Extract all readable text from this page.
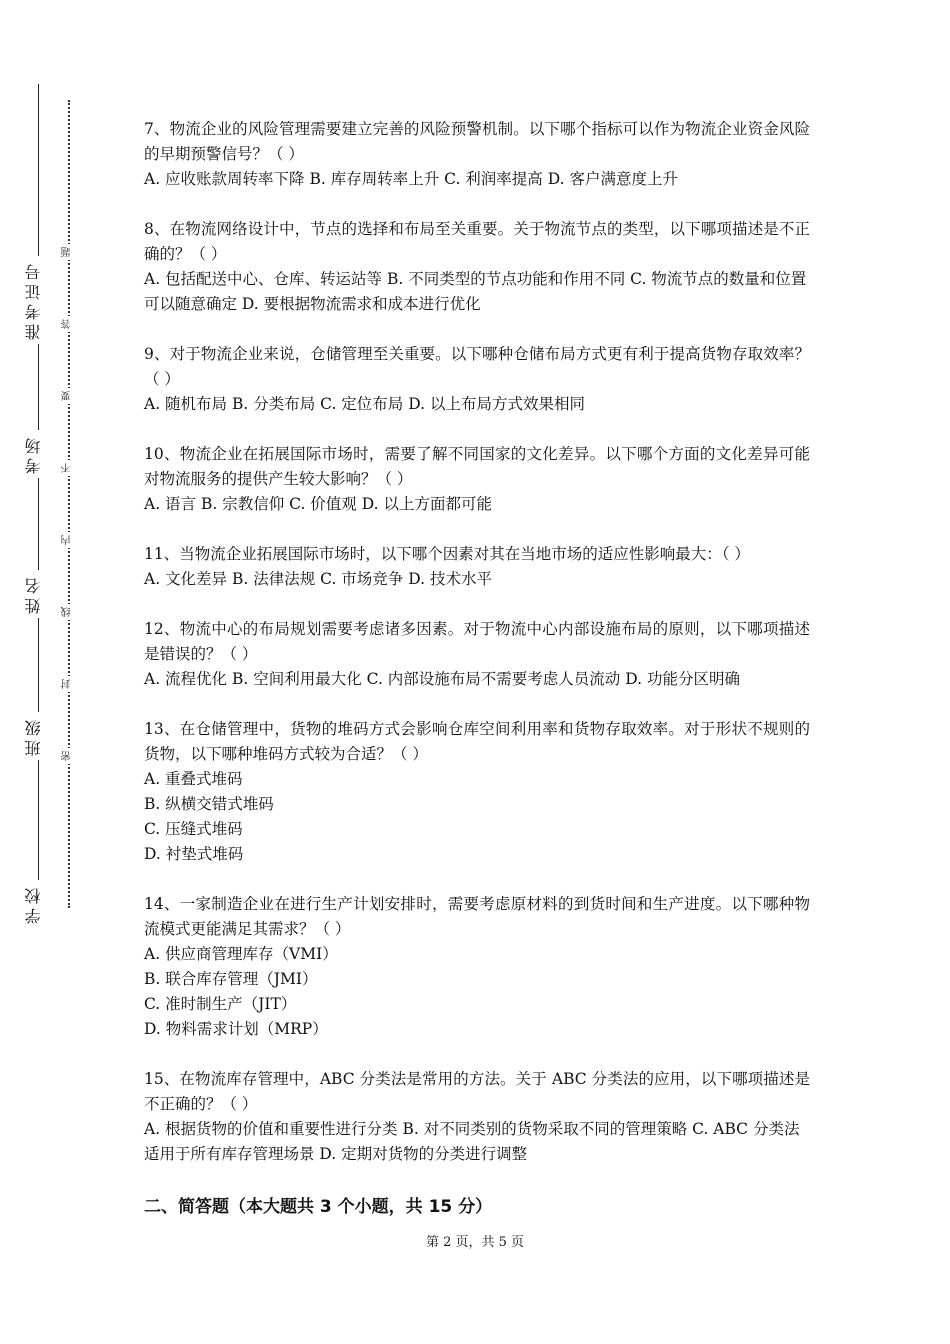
准考证号
考场
姓名
班级
学校
题
答
要
不
内
线
封
密
7、物流企业的风险管理需要建立完善的风险预警机制。以下哪个指标可以作为物流企业资金风险的早期预警信号？（ ）
A. 应收账款周转率下降 B. 库存周转率上升 C. 利润率提高 D. 客户满意度上升
8、在物流网络设计中，节点的选择和布局至关重要。关于物流节点的类型，以下哪项描述是不正确的？（ ）
A. 包括配送中心、仓库、转运站等 B. 不同类型的节点功能和作用不同 C. 物流节点的数量和位置可以随意确定 D. 要根据物流需求和成本进行优化
9、对于物流企业来说，仓储管理至关重要。以下哪种仓储布局方式更有利于提高货物存取效率？（ ）
A. 随机布局 B. 分类布局 C. 定位布局 D. 以上布局方式效果相同
10、物流企业在拓展国际市场时，需要了解不同国家的文化差异。以下哪个方面的文化差异可能对物流服务的提供产生较大影响？（ ）
A. 语言 B. 宗教信仰 C. 价值观 D. 以上方面都可能
11、当物流企业拓展国际市场时，以下哪个因素对其在当地市场的适应性影响最大：（ ）
A. 文化差异 B. 法律法规 C. 市场竞争 D. 技术水平
12、物流中心的布局规划需要考虑诸多因素。对于物流中心内部设施布局的原则，以下哪项描述是错误的？（ ）
A. 流程优化 B. 空间利用最大化 C. 内部设施布局不需要考虑人员流动 D. 功能分区明确
13、在仓储管理中，货物的堆码方式会影响仓库空间利用率和货物存取效率。对于形状不规则的货物，以下哪种堆码方式较为合适？（ ）
A. 重叠式堆码
B. 纵横交错式堆码
C. 压缝式堆码
D. 衬垫式堆码
14、一家制造企业在进行生产计划安排时，需要考虑原材料的到货时间和生产进度。以下哪种物流模式更能满足其需求？（ ）
A. 供应商管理库存（VMI）
B. 联合库存管理（JMI）
C. 准时制生产（JIT）
D. 物料需求计划（MRP）
15、在物流库存管理中，ABC 分类法是常用的方法。关于 ABC 分类法的应用，以下哪项描述是不正确的？（ ）
A. 根据货物的价值和重要性进行分类 B. 对不同类别的货物采取不同的管理策略 C. ABC 分类法适用于所有库存管理场景 D. 定期对货物的分类进行调整
二、简答题（本大题共 3 个小题，共 15 分）
第 2 页，共 5 页
